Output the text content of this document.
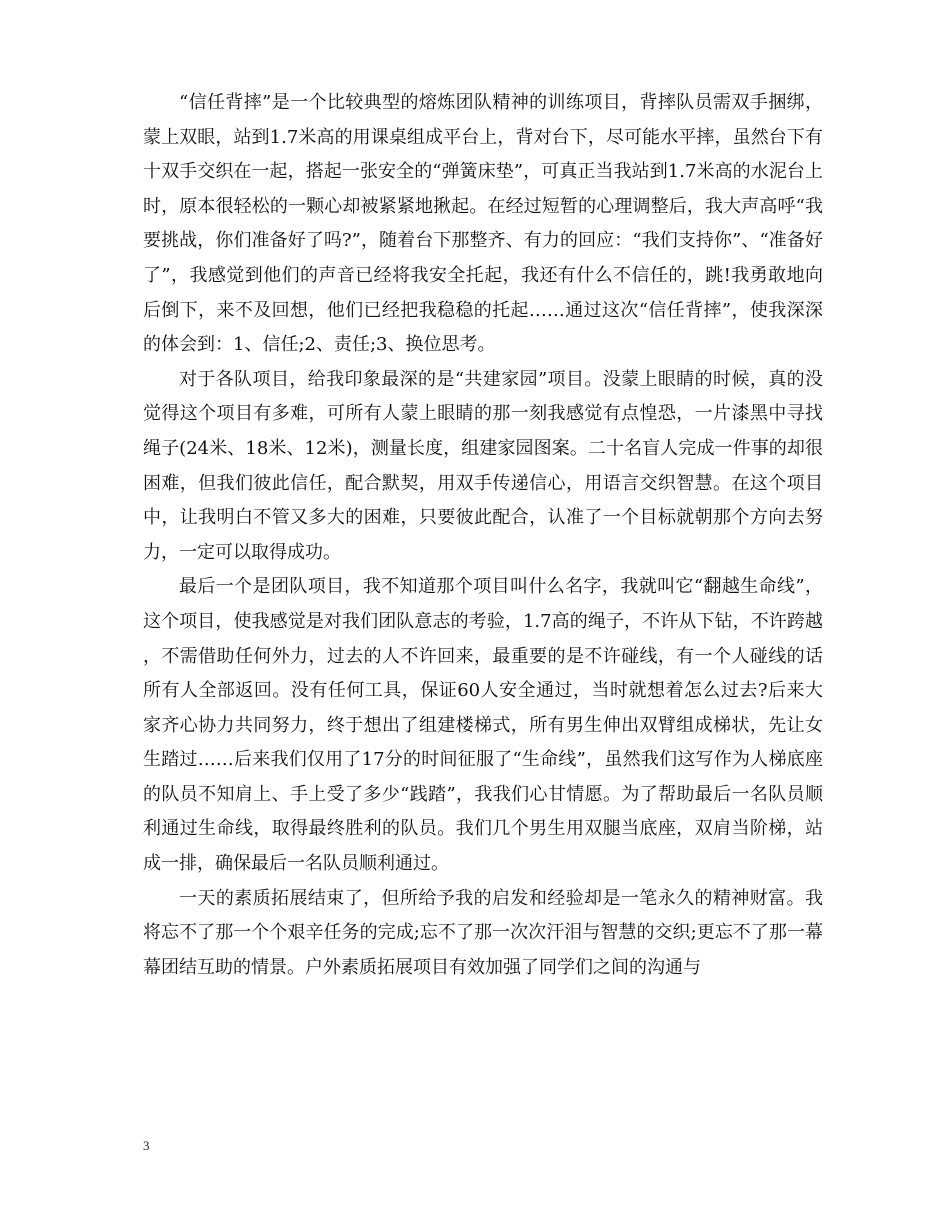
“信任背摔”是一个比较典型的熔炼团队精神的训练项目，背摔队员需双手捆绑，蒙上双眼，站到1.7米高的用课桌组成平台上，背对台下，尽可能水平摔，虽然台下有十双手交织在一起，搭起一张安全的“弹簧床垫”，可真正当我站到1.7米高的水泥台上时，原本很轻松的一颗心却被紧紧地揪起。在经过短暂的心理调整后，我大声高呼“我要挑战，你们准备好了吗?”，随着台下那整齐、有力的回应：“我们支持你”、“准备好了”，我感觉到他们的声音已经将我安全托起，我还有什么不信任的，跳!我勇敢地向后倒下，来不及回想，他们已经把我稳稳的托起……通过这次“信任背摔”，使我深深的体会到：1、信任;2、责任;3、换位思考。

对于各队项目，给我印象最深的是“共建家园”项目。没蒙上眼睛的时候，真的没觉得这个项目有多难，可所有人蒙上眼睛的那一刻我感觉有点惶恐，一片漆黑中寻找绳子(24米、18米、12米)，测量长度，组建家园图案。二十名盲人完成一件事的却很困难，但我们彼此信任，配合默契，用双手传递信心，用语言交织智慧。在这个项目中，让我明白不管又多大的困难，只要彼此配合，认准了一个目标就朝那个方向去努力，一定可以取得成功。

最后一个是团队项目，我不知道那个项目叫什么名字，我就叫它“翻越生命线”，这个项目，使我感觉是对我们团队意志的考验，1.7高的绳子，不许从下钻，不许跨越，不需借助任何外力，过去的人不许回来，最重要的是不许碰线，有一个人碰线的话所有人全部返回。没有任何工具，保证60人安全通过，当时就想着怎么过去?后来大家齐心协力共同努力，终于想出了组建楼梯式，所有男生伸出双臂组成梯状，先让女生踏过……后来我们仅用了17分的时间征服了“生命线”，虽然我们这写作为人梯底座的队员不知肩上、手上受了多少“践踏”，我我们心甘情愿。为了帮助最后一名队员顺利通过生命线，取得最终胜利的队员。我们几个男生用双腿当底座，双肩当阶梯，站成一排，确保最后一名队员顺利通过。

一天的素质拓展结束了，但所给予我的启发和经验却是一笔永久的精神财富。我将忘不了那一个个艰辛任务的完成;忘不了那一次次汗泪与智慧的交织;更忘不了那一幕幕团结互助的情景。户外素质拓展项目有效加强了同学们之间的沟通与

3
